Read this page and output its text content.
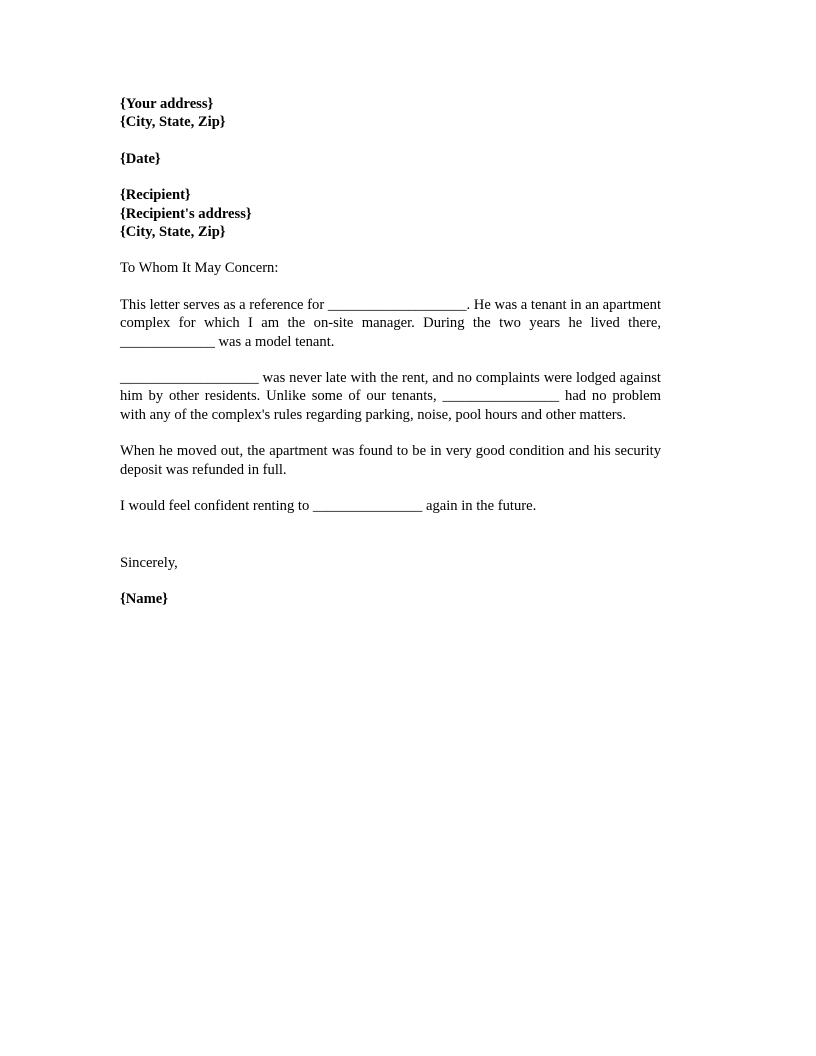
{Your address}
{City, State, Zip}
{Date}
{Recipient}
{Recipient's address}
{City, State, Zip}
To Whom It May Concern:

This letter serves as a reference for ___________________. He was a tenant in an apartment complex for which I am the on-site manager. During the two years he lived there, _____________ was a model tenant.

___________________ was never late with the rent, and no complaints were lodged against him by other residents. Unlike some of our tenants, ________________ had no problem with any of the complex's rules regarding parking, noise, pool hours and other matters.

When he moved out, the apartment was found to be in very good condition and his security deposit was refunded in full.

I would feel confident renting to _______________ again in the future.

Sincerely,
{Name}
